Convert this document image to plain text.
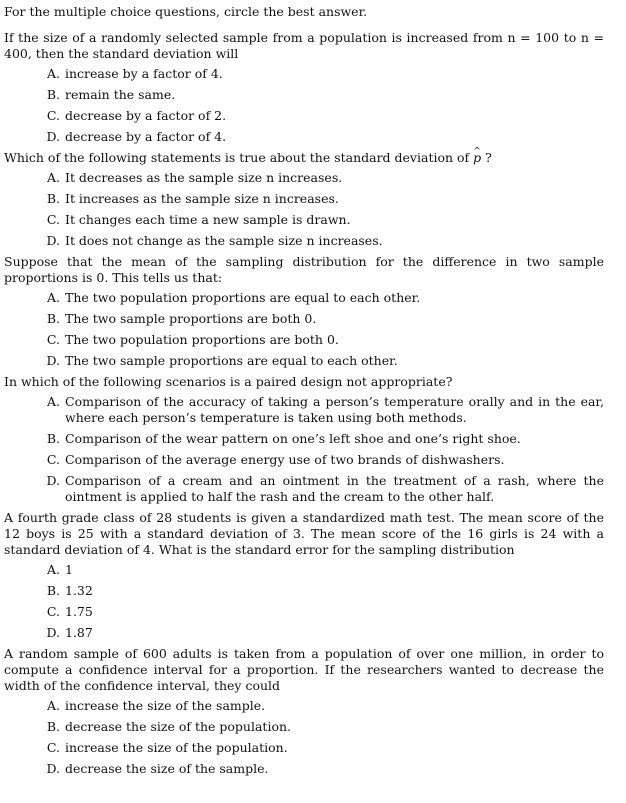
For the multiple choice questions, circle the best answer.

If the size of a randomly selected sample from a population is increased from n = 100 to n = 400, then the standard deviation will

A. increase by a factor of 4.
B. remain the same.
C. decrease by a factor of 2.
D. decrease by a factor of 4.

Which of the following statements is true about the standard deviation of ^ p ?

A. It decreases as the sample size n increases.
B. It increases as the sample size n increases.
C. It changes each time a new sample is drawn.
D. It does not change as the sample size n increases.

Suppose that the mean of the sampling distribution for the difference in two sample proportions is 0. This tells us that:

A. The two population proportions are equal to each other.
B. The two sample proportions are both 0.
C. The two population proportions are both 0.
D. The two sample proportions are equal to each other.

In which of the following scenarios is a paired design not appropriate?

A. Comparison of the accuracy of taking a person’s temperature orally and in the ear, where each person’s temperature is taken using both methods.
B. Comparison of the wear pattern on one’s left shoe and one’s right shoe.
C. Comparison of the average energy use of two brands of dishwashers.
D. Comparison of a cream and an ointment in the treatment of a rash, where the ointment is applied to half the rash and the cream to the other half.

A fourth grade class of 28 students is given a standardized math test. The mean score of the 12 boys is 25 with a standard deviation of 3. The mean score of the 16 girls is 24 with a standard deviation of 4. What is the standard error for the sampling distribution

A. 1
B. 1.32
C. 1.75
D. 1.87

A random sample of 600 adults is taken from a population of over one million, in order to compute a confidence interval for a proportion. If the researchers wanted to decrease the width of the confidence interval, they could

A. increase the size of the sample.
B. decrease the size of the population.
C. increase the size of the population.
D. decrease the size of the sample.
